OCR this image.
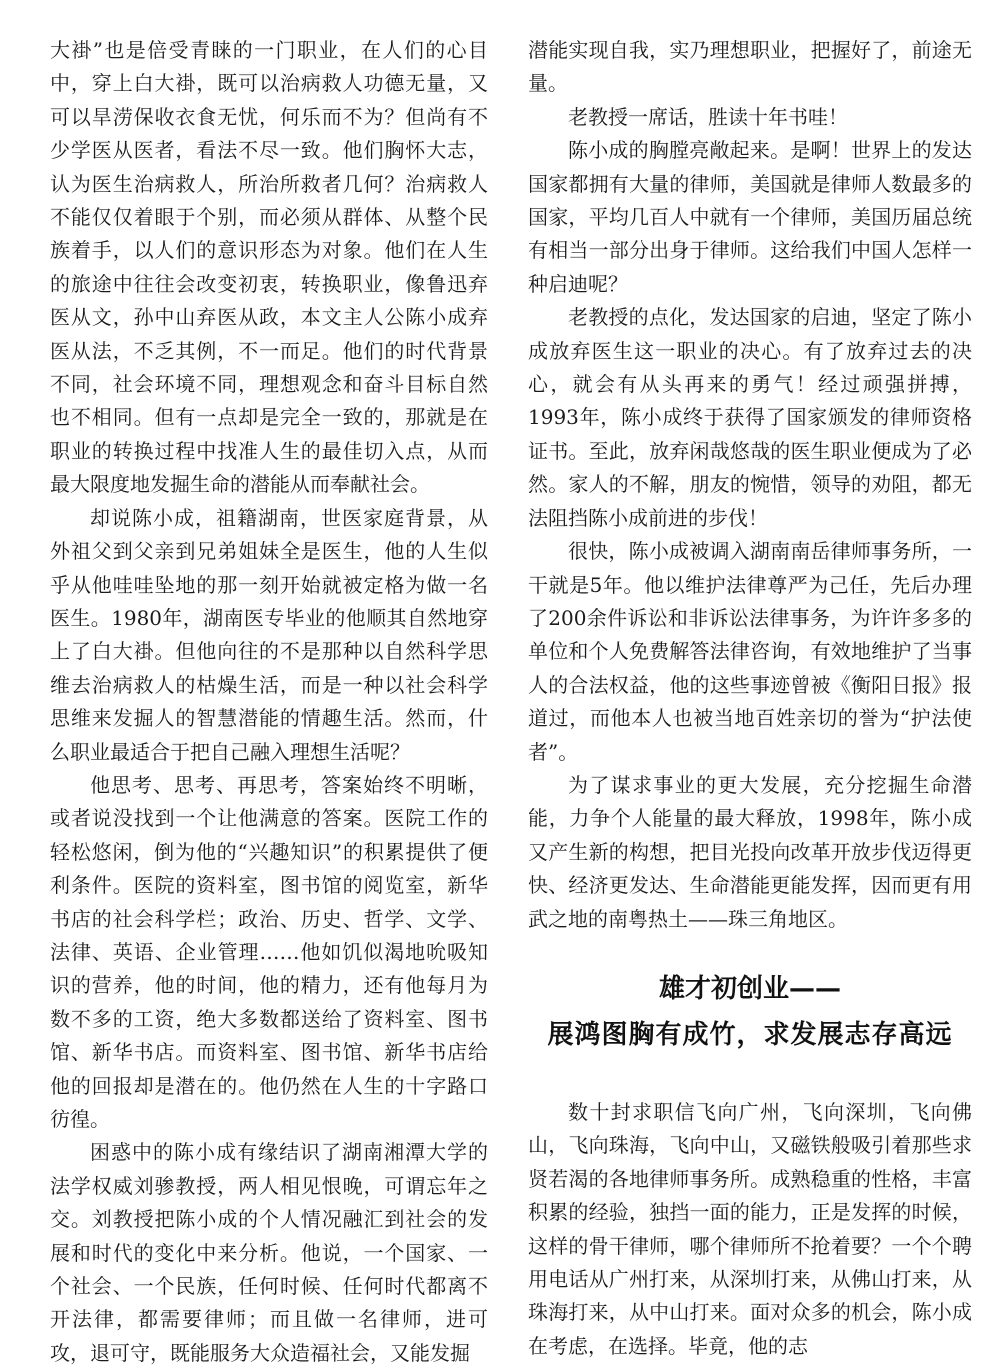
大褂”也是倍受青睐的一门职业，在人们的心目中，穿上白大褂，既可以治病救人功德无量，又可以旱涝保收衣食无忧，何乐而不为？但尚有不少学医从医者，看法不尽一致。他们胸怀大志，认为医生治病救人，所治所救者几何？治病救人不能仅仅着眼于个别，而必须从群体、从整个民族着手，以人们的意识形态为对象。他们在人生的旅途中往往会改变初衷，转换职业，像鲁迅弃医从文，孙中山弃医从政，本文主人公陈小成弃医从法，不乏其例，不一而足。他们的时代背景不同，社会环境不同，理想观念和奋斗目标自然也不相同。但有一点却是完全一致的，那就是在职业的转换过程中找准人生的最佳切入点，从而最大限度地发掘生命的潜能从而奉献社会。

却说陈小成，祖籍湖南，世医家庭背景，从外祖父到父亲到兄弟姐妹全是医生，他的人生似乎从他哇哇坠地的那一刻开始就被定格为做一名医生。1980年，湖南医专毕业的他顺其自然地穿上了白大褂。但他向往的不是那种以自然科学思维去治病救人的枯燥生活，而是一种以社会科学思维来发掘人的智慧潜能的情趣生活。然而，什么职业最适合于把自己融入理想生活呢？

他思考、思考、再思考，答案始终不明晰，或者说没找到一个让他满意的答案。医院工作的轻松悠闲，倒为他的“兴趣知识”的积累提供了便利条件。医院的资料室，图书馆的阅览室，新华书店的社会科学栏；政治、历史、哲学、文学、法律、英语、企业管理……他如饥似渴地吮吸知识的营养，他的时间，他的精力，还有他每月为数不多的工资，绝大多数都送给了资料室、图书馆、新华书店。而资料室、图书馆、新华书店给他的回报却是潜在的。他仍然在人生的十字路口彷徨。

困惑中的陈小成有缘结识了湖南湘潭大学的法学权威刘骖教授，两人相见恨晚，可谓忘年之交。刘教授把陈小成的个人情况融汇到社会的发展和时代的变化中来分析。他说，一个国家、一个社会、一个民族，任何时候、任何时代都离不开法律，都需要律师；而且做一名律师，进可攻，退可守，既能服务大众造福社会，又能发掘

潜能实现自我，实乃理想职业，把握好了，前途无量。

老教授一席话，胜读十年书哇！

陈小成的胸膛亮敞起来。是啊！世界上的发达国家都拥有大量的律师，美国就是律师人数最多的国家，平均几百人中就有一个律师，美国历届总统有相当一部分出身于律师。这给我们中国人怎样一种启迪呢？

老教授的点化，发达国家的启迪，坚定了陈小成放弃医生这一职业的决心。有了放弃过去的决心，就会有从头再来的勇气！经过顽强拼搏，1993年，陈小成终于获得了国家颁发的律师资格证书。至此，放弃闲哉悠哉的医生职业便成为了必然。家人的不解，朋友的惋惜，领导的劝阻，都无法阻挡陈小成前进的步伐！

很快，陈小成被调入湖南南岳律师事务所，一干就是5年。他以维护法律尊严为己任，先后办理了200余件诉讼和非诉讼法律事务，为许许多多的单位和个人免费解答法律咨询，有效地维护了当事人的合法权益，他的这些事迹曾被《衡阳日报》报道过，而他本人也被当地百姓亲切的誉为“护法使者”。

为了谋求事业的更大发展，充分挖掘生命潜能，力争个人能量的最大释放，1998年，陈小成又产生新的构想，把目光投向改革开放步伐迈得更快、经济更发达、生命潜能更能发挥，因而更有用武之地的南粤热土——珠三角地区。

雄才初创业——
展鸿图胸有成竹，求发展志存高远

数十封求职信飞向广州，飞向深圳，飞向佛山，飞向珠海，飞向中山，又磁铁般吸引着那些求贤若渴的各地律师事务所。成熟稳重的性格，丰富积累的经验，独挡一面的能力，正是发挥的时候，这样的骨干律师，哪个律师所不抢着要？一个个聘用电话从广州打来，从深圳打来，从佛山打来，从珠海打来，从中山打来。面对众多的机会，陈小成在考虑，在选择。毕竟，他的志
